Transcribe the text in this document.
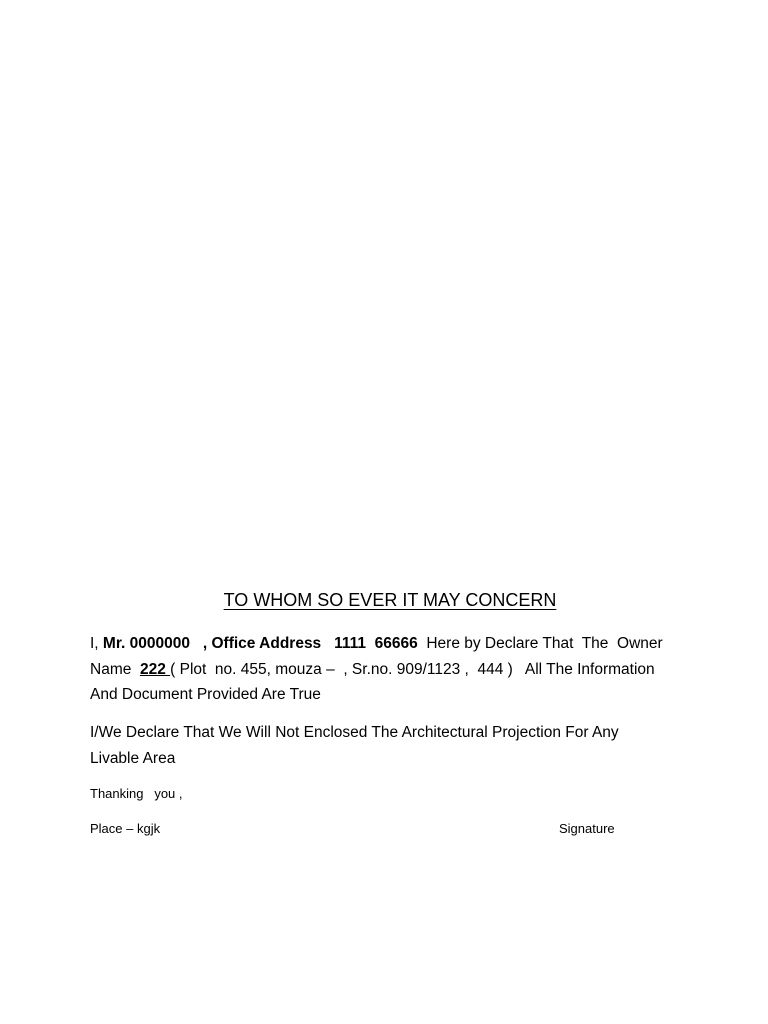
TO WHOM SO EVER IT MAY CONCERN
I, Mr. 0000000   , Office Address   1111  66666  Here by Declare That  The  Owner
Name  222 ( Plot  no. 455, mouza –  , Sr.no. 909/1123 ,  444 )   All The Information
And Document Provided Are True
I/We Declare That We Will Not Enclosed The Architectural Projection For Any
Livable Area
Thanking   you ,
Place – kgjk	Signature
